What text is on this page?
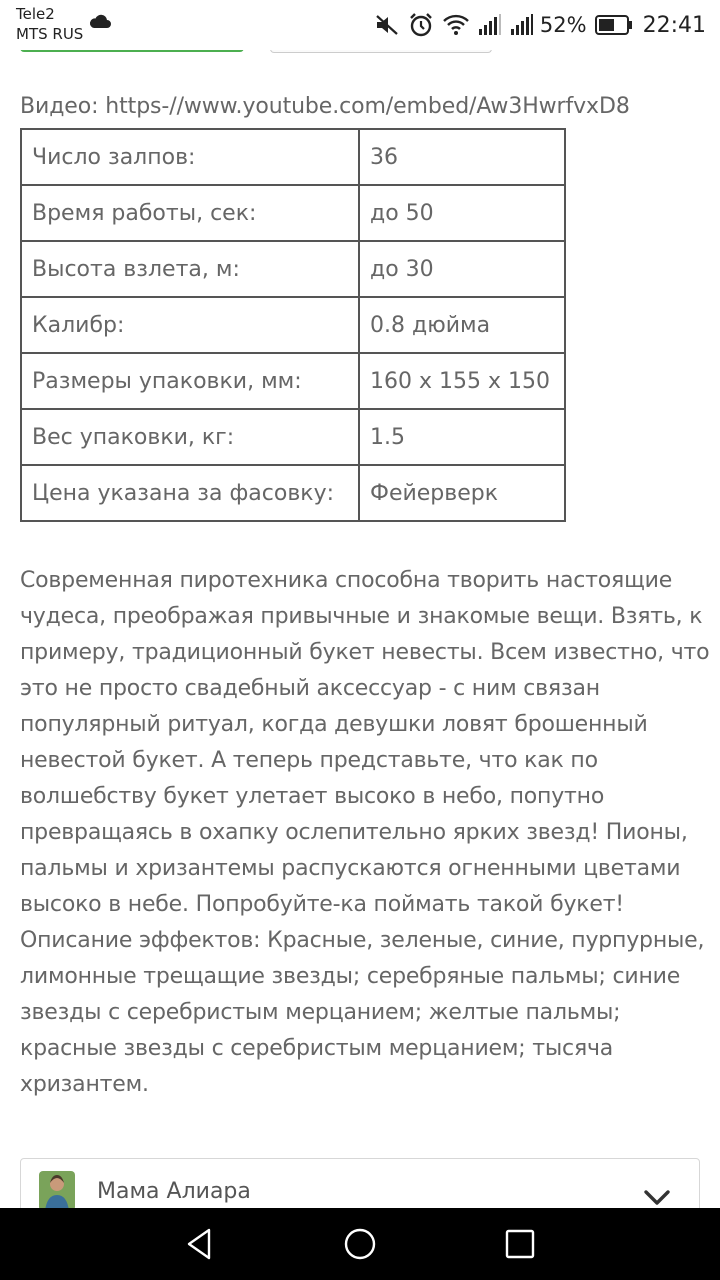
Tele2
MTS RUS	52%	22:41
Видео: https-//www.youtube.com/embed/Aw3HwrfvxD8
Число залпов:	36
Время работы, сек:	до 50
Высота взлета, м:	до 30
Калибр:	0.8 дюйма
Размеры упаковки, мм:	160 x 155 x 150
Вес упаковки, кг:	1.5
Цена указана за фасовку:	Фейерверк
Современная пиротехника способна творить настоящие чудеса, преображая привычные и знакомые вещи. Взять, к примеру, традиционный букет невесты. Всем известно, что это не просто свадебный аксессуар - с ним связан популярный ритуал, когда девушки ловят брошенный невестой букет. А теперь представьте, что как по волшебству букет улетает высоко в небо, попутно превращаясь в охапку ослепительно ярких звезд! Пионы, пальмы и хризантемы распускаются огненными цветами высоко в небе. Попробуйте-ка поймать такой букет! Описание эффектов: Красные, зеленые, синие, пурпурные, лимонные трещащие звезды; серебряные пальмы; синие звезды с серебристым мерцанием; желтые пальмы; красные звезды с серебристым мерцанием; тысяча хризантем.
Мама Алиара
